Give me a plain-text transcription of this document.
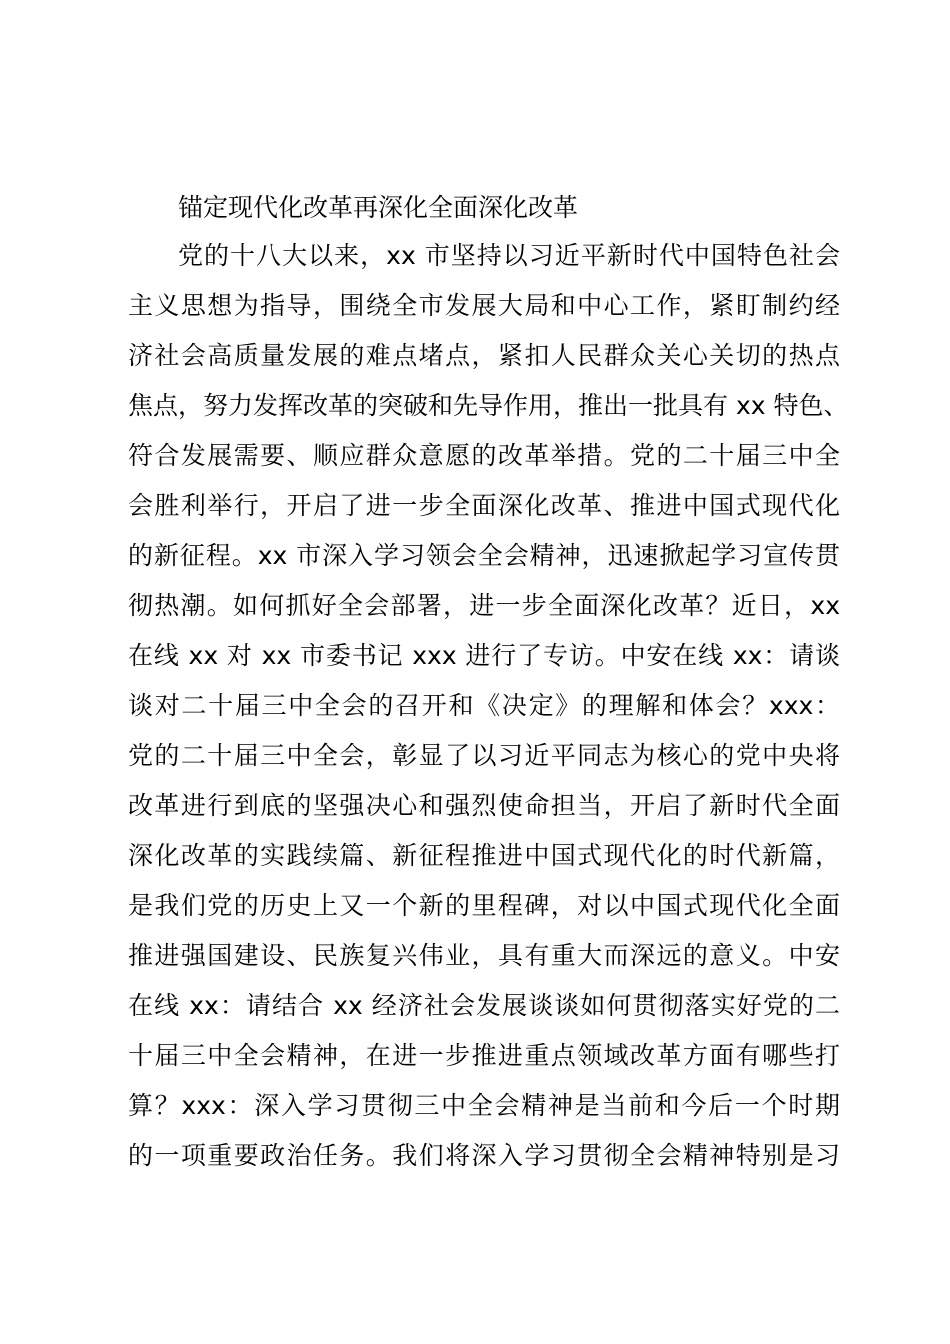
锚定现代化改革再深化全面深化改革
党的十八大以来，xx 市坚持以习近平新时代中国特色社会
主义思想为指导，围绕全市发展大局和中心工作，紧盯制约经
济社会高质量发展的难点堵点，紧扣人民群众关心关切的热点
焦点，努力发挥改革的突破和先导作用，推出一批具有 xx 特色、
符合发展需要、顺应群众意愿的改革举措。党的二十届三中全
会胜利举行，开启了进一步全面深化改革、推进中国式现代化
的新征程。xx 市深入学习领会全会精神，迅速掀起学习宣传贯
彻热潮。如何抓好全会部署，进一步全面深化改革？近日，xx
在线 xx 对 xx 市委书记 xxx 进行了专访。中安在线 xx：请谈
谈对二十届三中全会的召开和《决定》的理解和体会？xxx：
党的二十届三中全会，彰显了以习近平同志为核心的党中央将
改革进行到底的坚强决心和强烈使命担当，开启了新时代全面
深化改革的实践续篇、新征程推进中国式现代化的时代新篇，
是我们党的历史上又一个新的里程碑，对以中国式现代化全面
推进强国建设、民族复兴伟业，具有重大而深远的意义。中安
在线 xx：请结合 xx 经济社会发展谈谈如何贯彻落实好党的二
十届三中全会精神，在进一步推进重点领域改革方面有哪些打
算？xxx：深入学习贯彻三中全会精神是当前和今后一个时期
的一项重要政治任务。我们将深入学习贯彻全会精神特别是习
